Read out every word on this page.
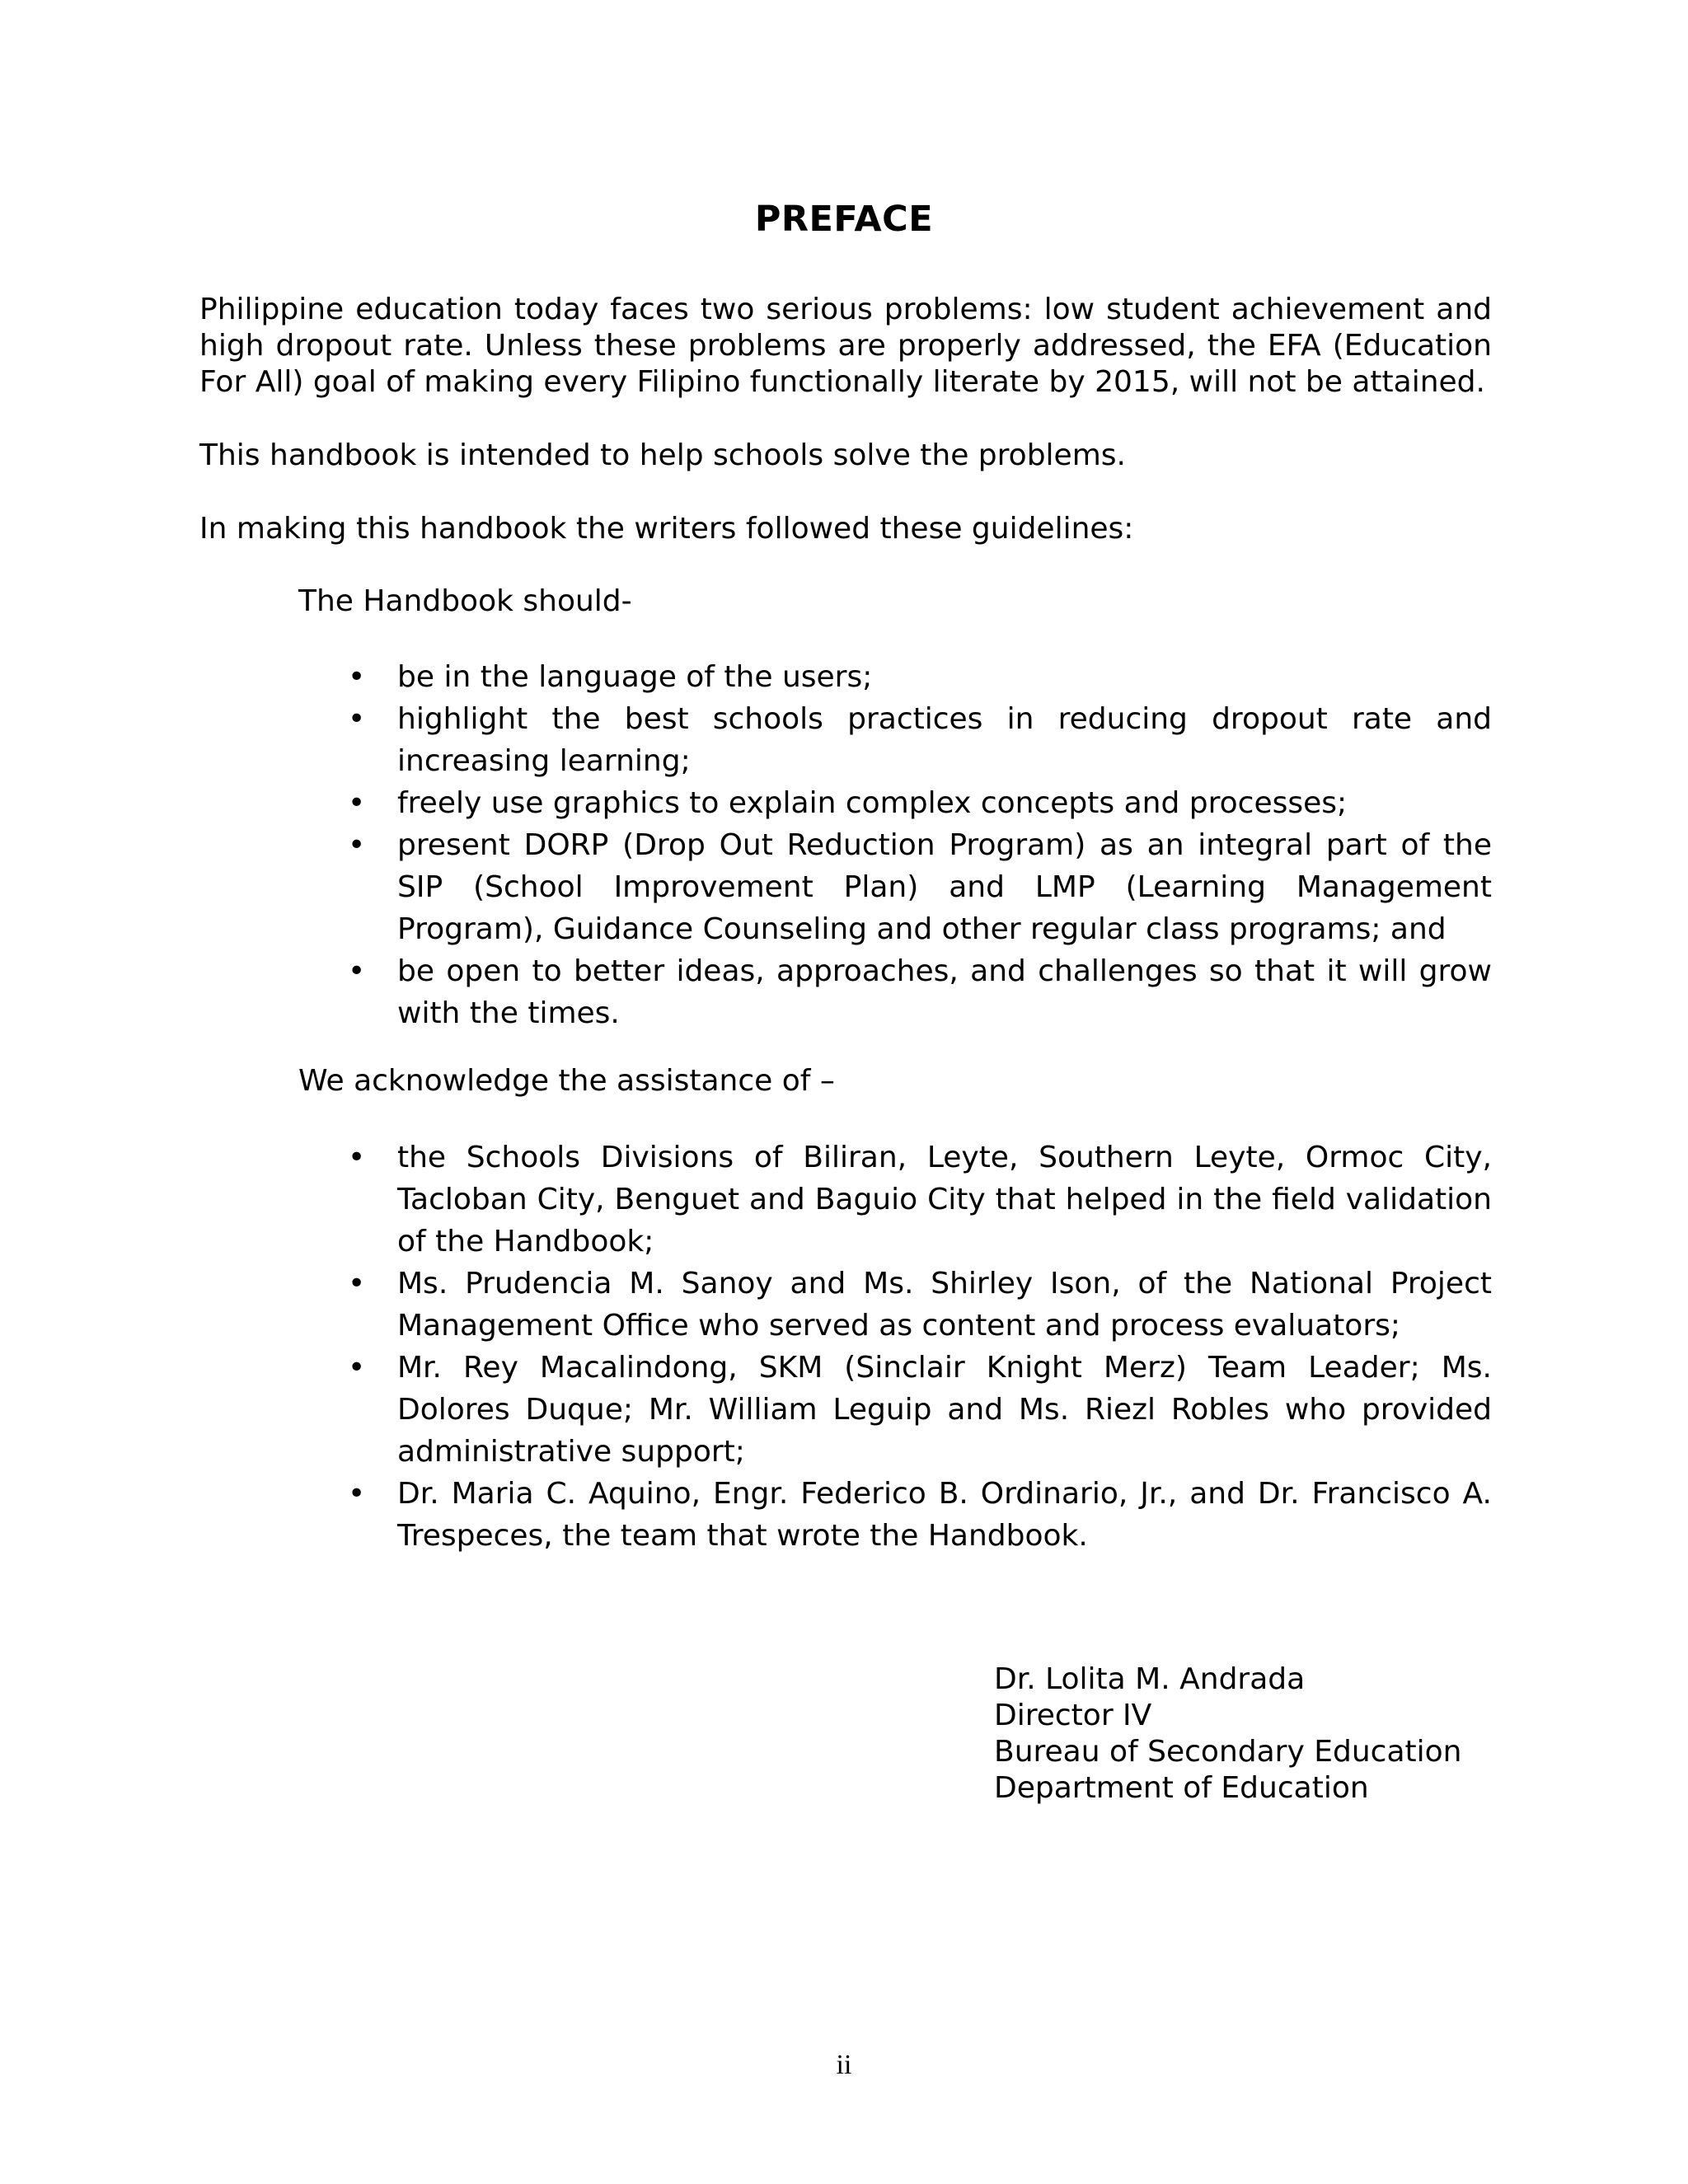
PREFACE
Philippine education today faces two serious problems: low student achievement and high dropout rate. Unless these problems are properly addressed, the EFA (Education For All) goal of making every Filipino functionally literate by 2015, will not be attained.
This handbook is intended to help schools solve the problems.
In making this handbook the writers followed these guidelines:
The Handbook should-
• be in the language of the users;
• highlight the best schools practices in reducing dropout rate and increasing learning;
• freely use graphics to explain complex concepts and processes;
• present DORP (Drop Out Reduction Program) as an integral part of the SIP (School Improvement Plan) and LMP (Learning Management Program), Guidance Counseling and other regular class programs; and
• be open to better ideas, approaches, and challenges so that it will grow with the times.
We acknowledge the assistance of –
• the Schools Divisions of Biliran, Leyte, Southern Leyte, Ormoc City, Tacloban City, Benguet and Baguio City that helped in the field validation of the Handbook;
• Ms. Prudencia M. Sanoy and Ms. Shirley Ison, of the National Project Management Office who served as content and process evaluators;
• Mr. Rey Macalindong, SKM (Sinclair Knight Merz) Team Leader; Ms. Dolores Duque; Mr. William Leguip and Ms. Riezl Robles who provided administrative support;
• Dr. Maria C. Aquino, Engr. Federico B. Ordinario, Jr., and Dr. Francisco A. Trespeces, the team that wrote the Handbook.
Dr. Lolita M. Andrada
Director IV
Bureau of Secondary Education
Department of Education
ii
